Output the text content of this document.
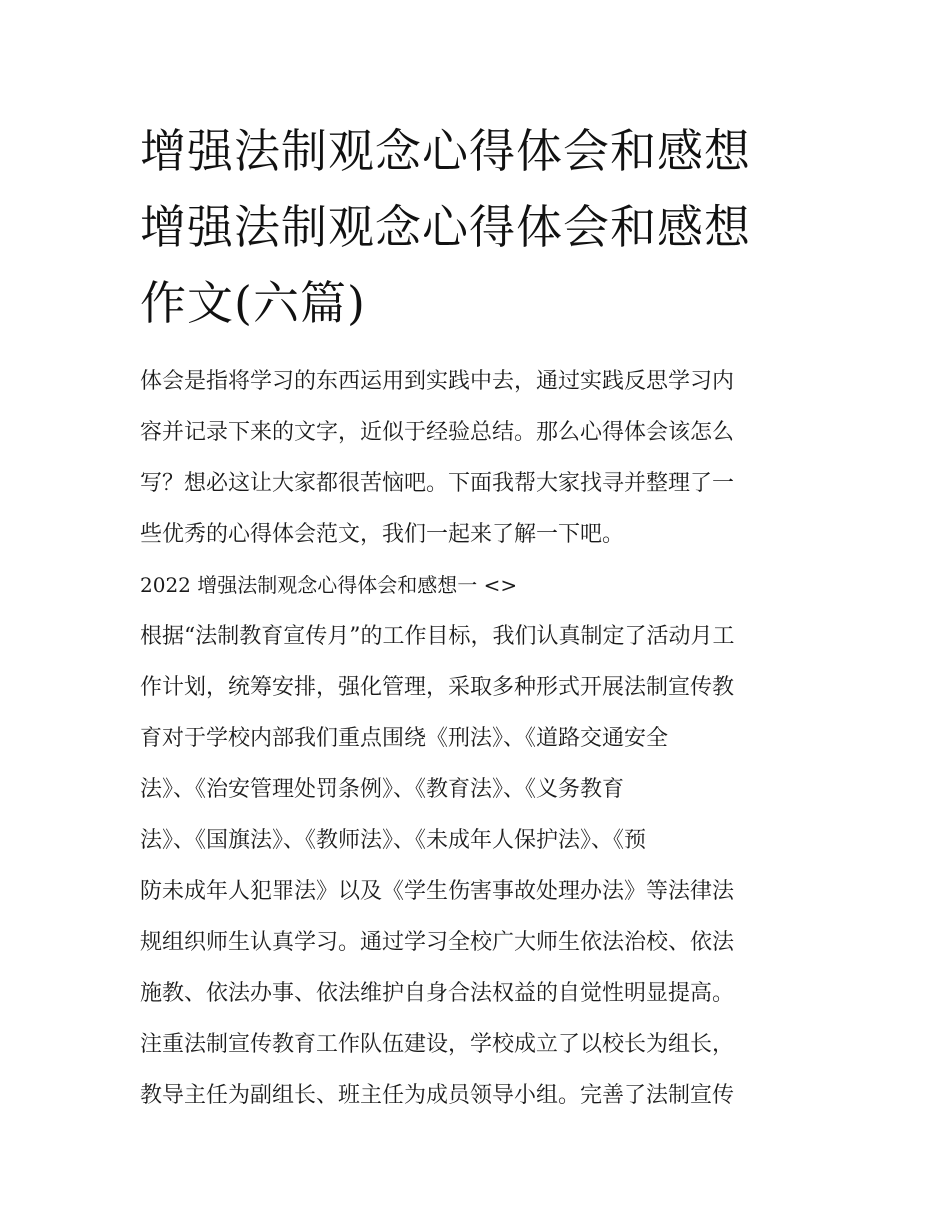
增强法制观念心得体会和感想
增强法制观念心得体会和感想
作文(六篇)
体会是指将学习的东西运用到实践中去，通过实践反思学习内
容并记录下来的文字，近似于经验总结。那么心得体会该怎么
写？想必这让大家都很苦恼吧。下面我帮大家找寻并整理了一
些优秀的心得体会范文，我们一起来了解一下吧。
2022 增强法制观念心得体会和感想一 <>
根据“法制教育宣传月”的工作目标，我们认真制定了活动月工
作计划，统筹安排，强化管理，采取多种形式开展法制宣传教
育对于学校内部我们重点围绕《刑法》、《道路交通安全
法》、《治安管理处罚条例》、《教育法》、《义务教育
法》、《国旗法》、《教师法》、《未成年人保护法》、《预
防未成年人犯罪法》以及《学生伤害事故处理办法》等法律法
规组织师生认真学习。通过学习全校广大师生依法治校、依法
施教、依法办事、依法维护自身合法权益的自觉性明显提高。
注重法制宣传教育工作队伍建设，学校成立了以校长为组长，
教导主任为副组长、班主任为成员领导小组。完善了法制宣传
